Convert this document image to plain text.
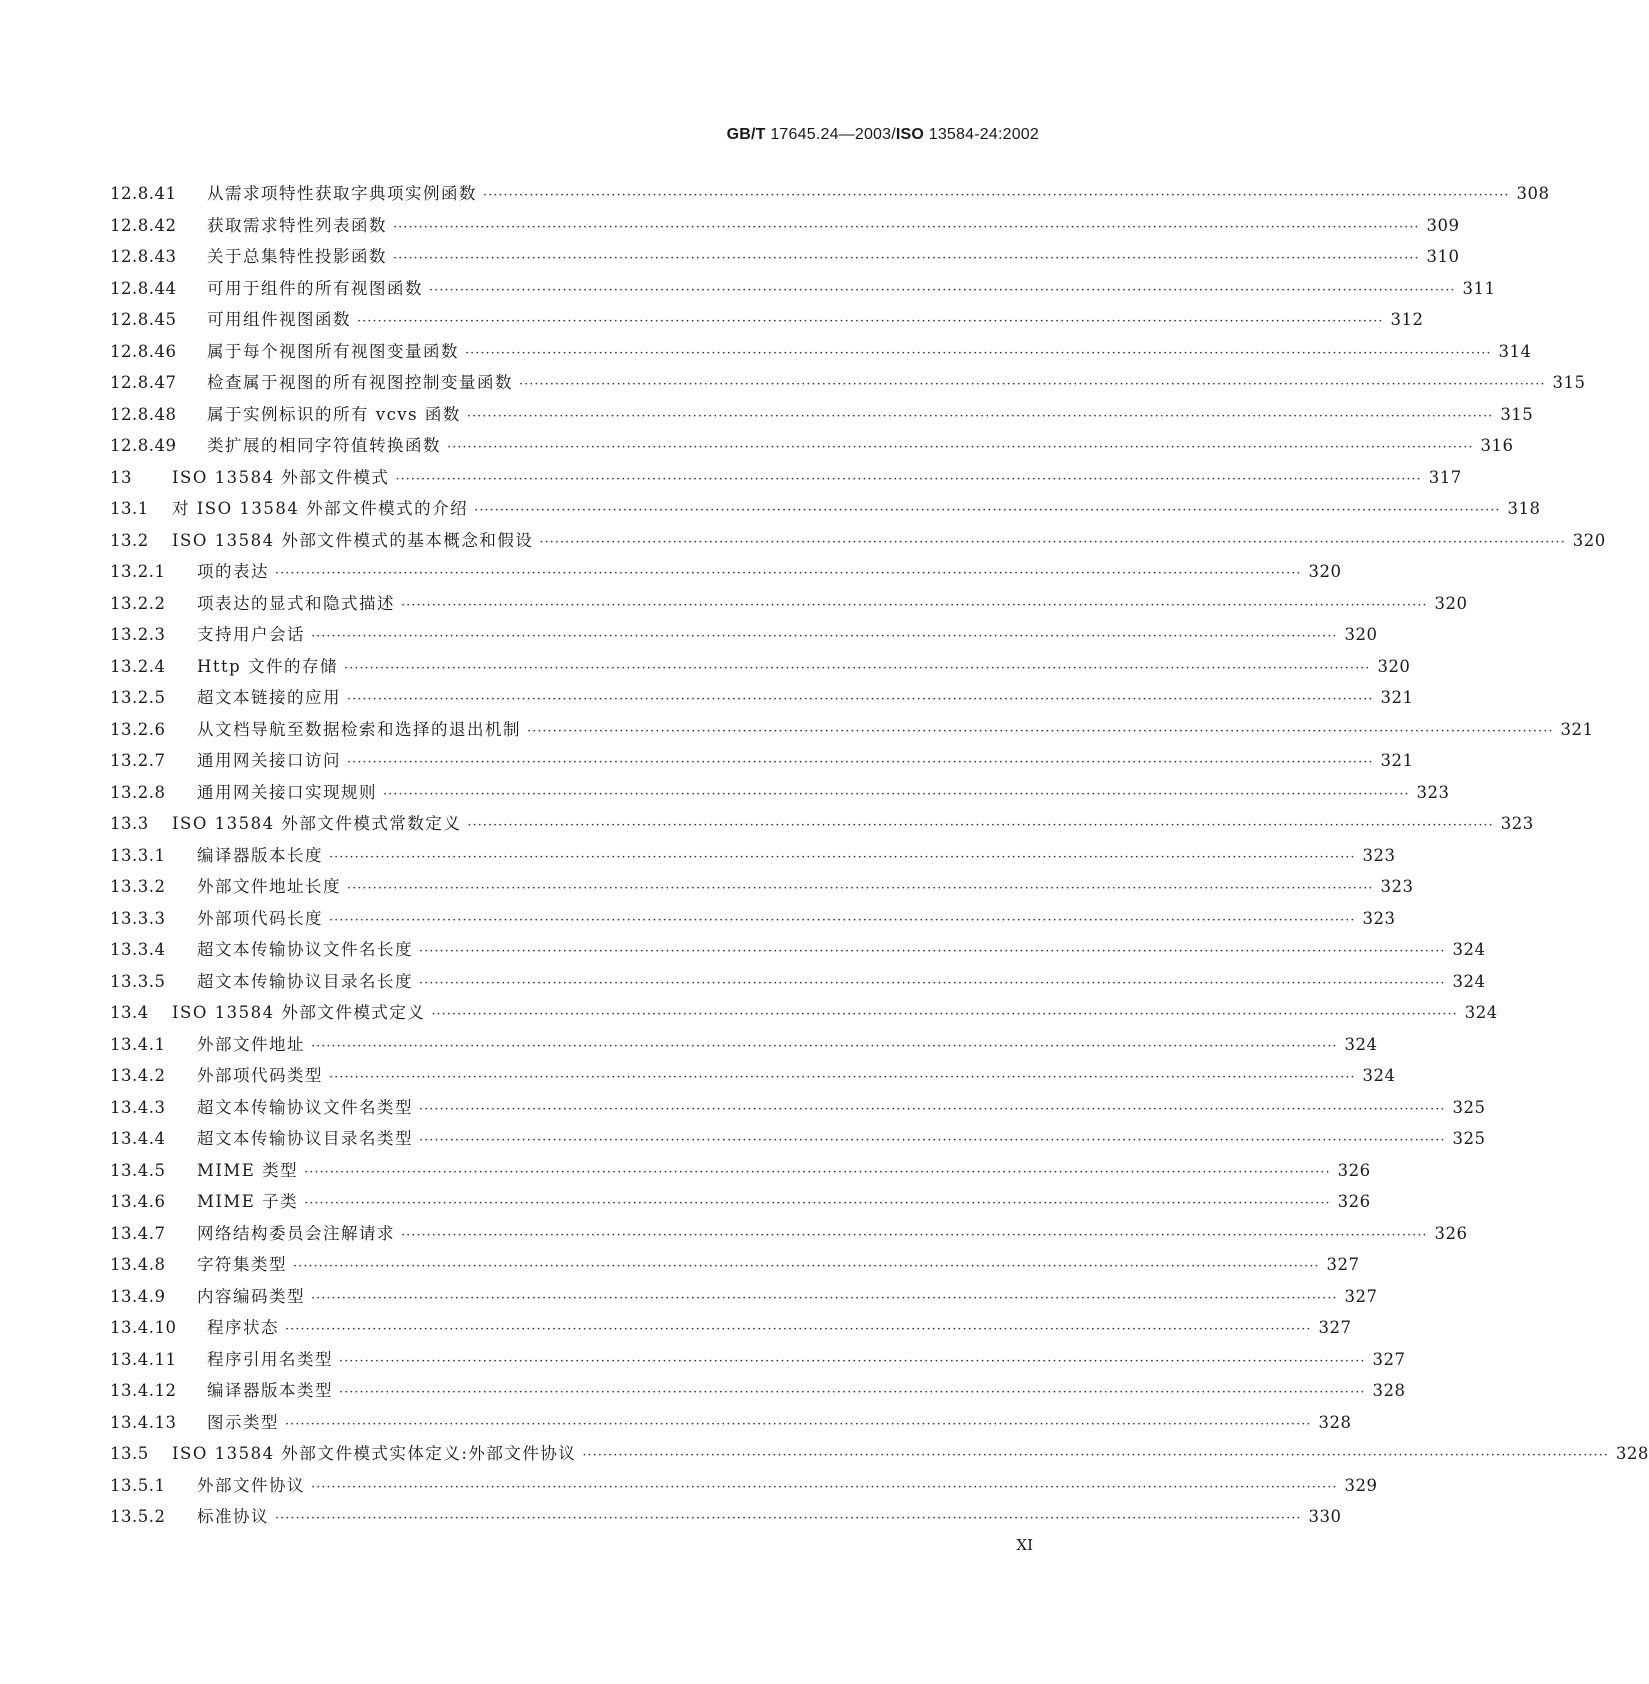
GB/T 17645.24—2003/ISO 13584-24:2002
12.8.41	从需求项特性获取字典项实例函数 ········································································································································································································ 308
12.8.42	获取需求特性列表函数 ········································································································································································································ 309
12.8.43	关于总集特性投影函数 ········································································································································································································ 310
12.8.44	可用于组件的所有视图函数 ········································································································································································································ 311
12.8.45	可用组件视图函数 ········································································································································································································ 312
12.8.46	属于每个视图所有视图变量函数 ········································································································································································································ 314
12.8.47	检查属于视图的所有视图控制变量函数 ········································································································································································································ 315
12.8.48	属于实例标识的所有 vcvs 函数 ········································································································································································································ 315
12.8.49	类扩展的相同字符值转换函数 ········································································································································································································ 316
13	ISO 13584 外部文件模式 ········································································································································································································ 317
13.1	对 ISO 13584 外部文件模式的介绍 ········································································································································································································ 318
13.2	ISO 13584 外部文件模式的基本概念和假设 ········································································································································································································ 320
13.2.1	项的表达 ········································································································································································································ 320
13.2.2	项表达的显式和隐式描述 ········································································································································································································ 320
13.2.3	支持用户会话 ········································································································································································································ 320
13.2.4	Http 文件的存储 ········································································································································································································ 320
13.2.5	超文本链接的应用 ········································································································································································································ 321
13.2.6	从文档导航至数据检索和选择的退出机制 ········································································································································································································ 321
13.2.7	通用网关接口访问 ········································································································································································································ 321
13.2.8	通用网关接口实现规则 ········································································································································································································ 323
13.3	ISO 13584 外部文件模式常数定义 ········································································································································································································ 323
13.3.1	编译器版本长度 ········································································································································································································ 323
13.3.2	外部文件地址长度 ········································································································································································································ 323
13.3.3	外部项代码长度 ········································································································································································································ 323
13.3.4	超文本传输协议文件名长度 ········································································································································································································ 324
13.3.5	超文本传输协议目录名长度 ········································································································································································································ 324
13.4	ISO 13584 外部文件模式定义 ········································································································································································································ 324
13.4.1	外部文件地址 ········································································································································································································ 324
13.4.2	外部项代码类型 ········································································································································································································ 324
13.4.3	超文本传输协议文件名类型 ········································································································································································································ 325
13.4.4	超文本传输协议目录名类型 ········································································································································································································ 325
13.4.5	MIME 类型 ········································································································································································································ 326
13.4.6	MIME 子类 ········································································································································································································ 326
13.4.7	网络结构委员会注解请求 ········································································································································································································ 326
13.4.8	字符集类型 ········································································································································································································ 327
13.4.9	内容编码类型 ········································································································································································································ 327
13.4.10	程序状态 ········································································································································································································ 327
13.4.11	程序引用名类型 ········································································································································································································ 327
13.4.12	编译器版本类型 ········································································································································································································ 328
13.4.13	图示类型 ········································································································································································································ 328
13.5	ISO 13584 外部文件模式实体定义:外部文件协议 ········································································································································································································ 328
13.5.1	外部文件协议 ········································································································································································································ 329
13.5.2	标准协议 ········································································································································································································ 330
XI
